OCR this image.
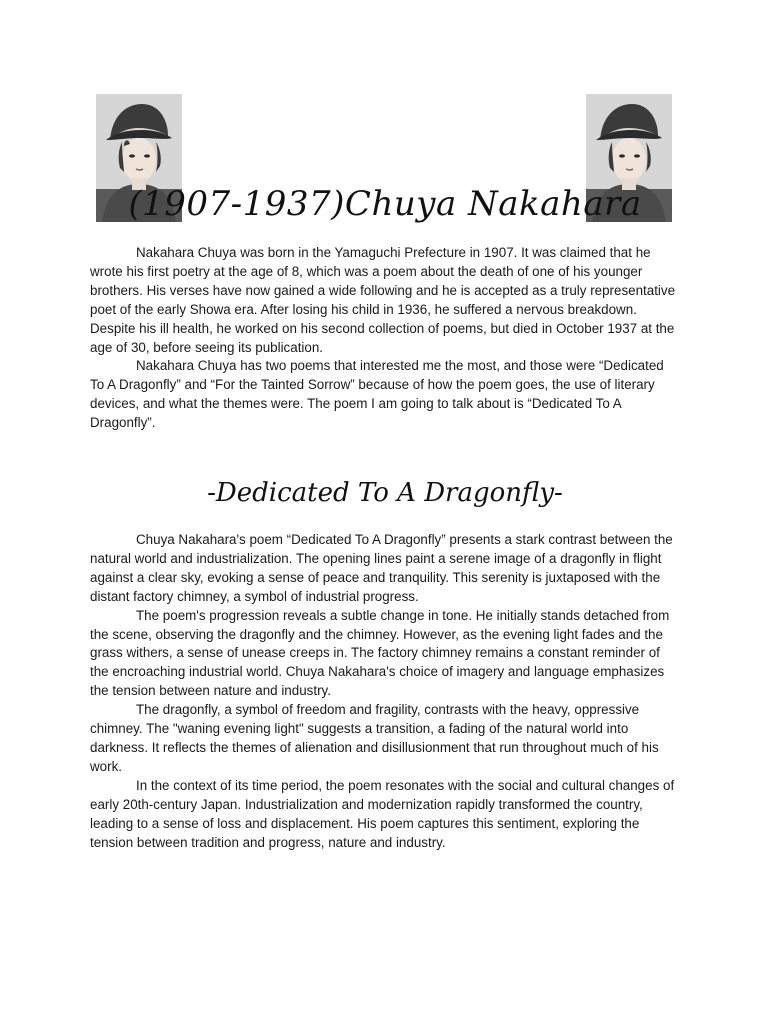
(1907-1937)Chuya Nakahara

Nakahara Chuya was born in the Yamaguchi Prefecture in 1907. It was claimed that he wrote his first poetry at the age of 8, which was a poem about the death of one of his younger brothers. His verses have now gained a wide following and he is accepted as a truly representative poet of the early Showa era. After losing his child in 1936, he suffered a nervous breakdown. Despite his ill health, he worked on his second collection of poems, but died in October 1937 at the age of 30, before seeing its publication.

Nakahara Chuya has two poems that interested me the most, and those were “Dedicated To A Dragonfly” and “For the Tainted Sorrow” because of how the poem goes, the use of literary devices, and what the themes were. The poem I am going to talk about is “Dedicated To A Dragonfly”.

-Dedicated To A Dragonfly-

Chuya Nakahara's poem “Dedicated To A Dragonfly” presents a stark contrast between the natural world and industrialization. The opening lines paint a serene image of a dragonfly in flight against a clear sky, evoking a sense of peace and tranquility. This serenity is juxtaposed with the distant factory chimney, a symbol of industrial progress.

The poem's progression reveals a subtle change in tone. He initially stands detached from the scene, observing the dragonfly and the chimney. However, as the evening light fades and the grass withers, a sense of unease creeps in. The factory chimney remains a constant reminder of the encroaching industrial world. Chuya Nakahara's choice of imagery and language emphasizes the tension between nature and industry.

The dragonfly, a symbol of freedom and fragility, contrasts with the heavy, oppressive chimney. The "waning evening light" suggests a transition, a fading of the natural world into darkness. It reflects the themes of alienation and disillusionment that run throughout much of his work.

In the context of its time period, the poem resonates with the social and cultural changes of early 20th-century Japan. Industrialization and modernization rapidly transformed the country, leading to a sense of loss and displacement. His poem captures this sentiment, exploring the tension between tradition and progress, nature and industry.
